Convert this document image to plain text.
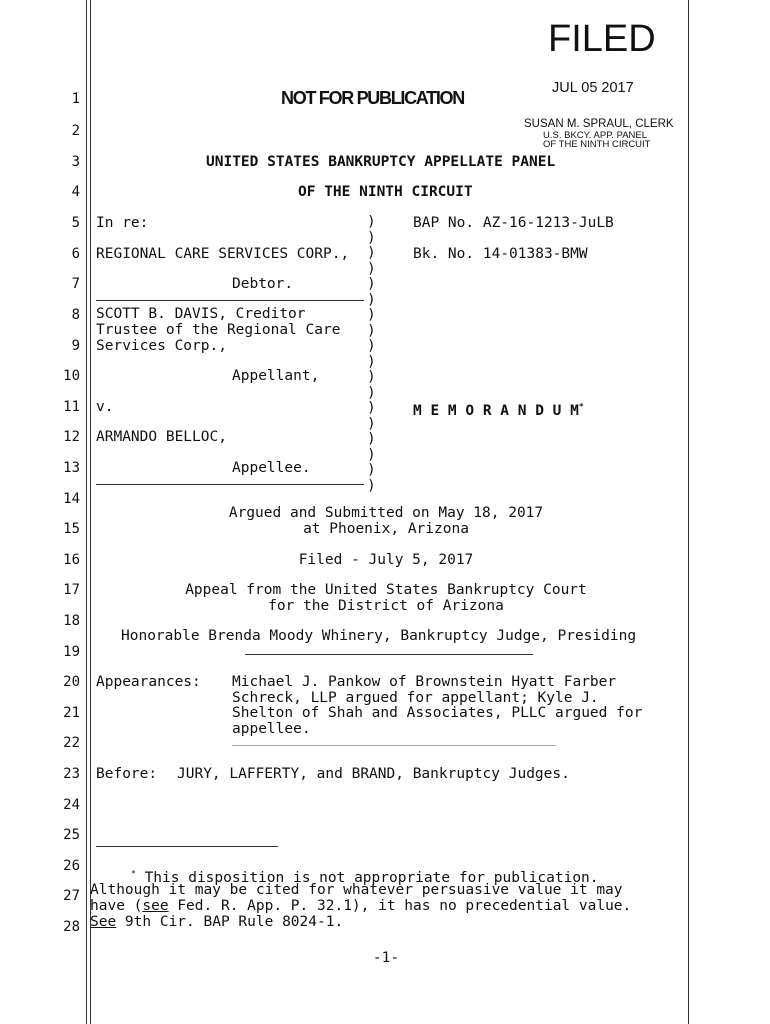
FILED
JUL 05 2017
SUSAN M. SPRAUL, CLERK
U.S. BKCY. APP. PANEL
OF THE NINTH CIRCUIT
NOT FOR PUBLICATION
UNITED STATES BANKRUPTCY APPELLATE PANEL
OF THE NINTH CIRCUIT
1
2
3
4
5
6
7
8
9
10
11
12
13
14
15
16
17
18
19
20
21
22
23
24
25
26
27
28
In re:
REGIONAL CARE SERVICES CORP.,
Debtor.
SCOTT B. DAVIS, Creditor
Trustee of the Regional Care
Services Corp.,
Appellant,
v.
ARMANDO BELLOC,
Appellee.
)
)
)
)
)
)
)
)
)
)
)
)
)
)
)
)
)
)
BAP No. AZ-16-1213-JuLB
Bk. No. 14-01383-BMW
M E M O R A N D U M*
Argued and Submitted on May 18, 2017
at Phoenix, Arizona
Filed - July 5, 2017
Appeal from the United States Bankruptcy Court
for the District of Arizona
Honorable Brenda Moody Whinery, Bankruptcy Judge, Presiding
Appearances: Michael J. Pankow of Brownstein Hyatt Farber
Schreck, LLP argued for appellant; Kyle J.
Shelton of Shah and Associates, PLLC argued for
appellee.
Before: JURY, LAFFERTY, and BRAND, Bankruptcy Judges.
* This disposition is not appropriate for publication.
Although it may be cited for whatever persuasive value it may
have (see Fed. R. App. P. 32.1), it has no precedential value.
See 9th Cir. BAP Rule 8024-1.
-1-
